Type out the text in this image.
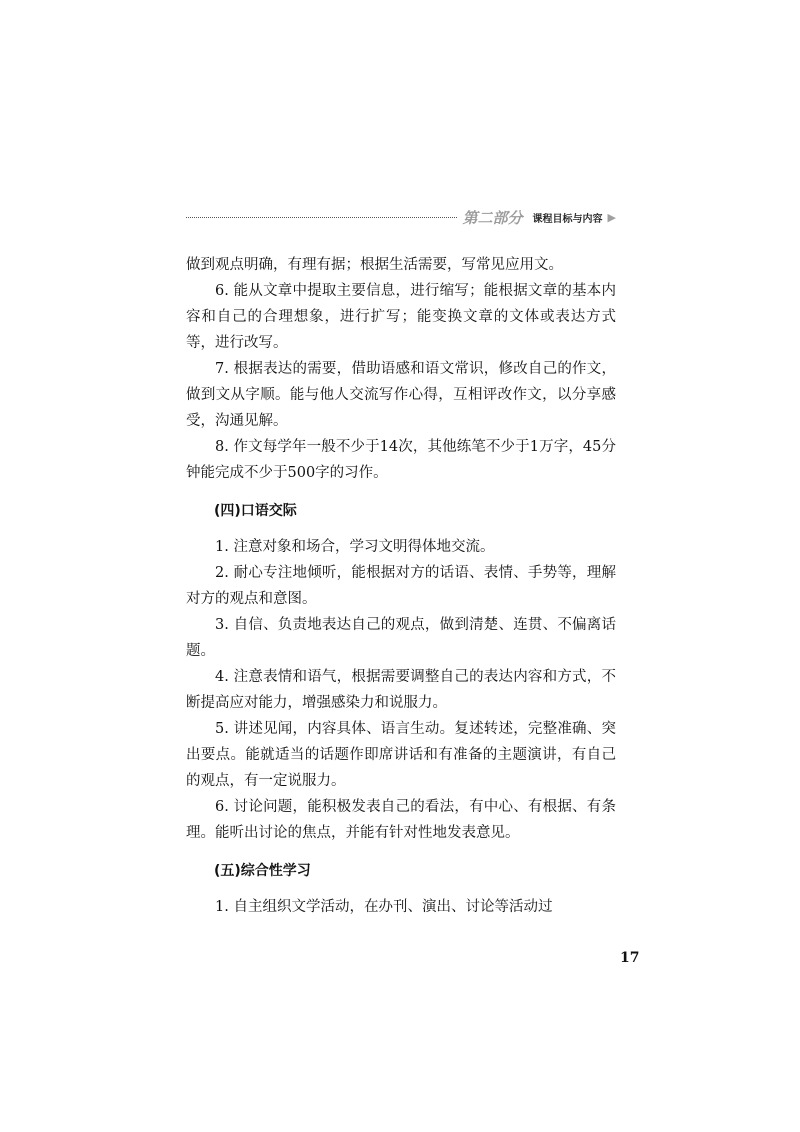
第二部分 课程目标与内容 ▶

做到观点明确，有理有据；根据生活需要，写常见应用文。

6. 能从文章中提取主要信息，进行缩写；能根据文章的基本内容和自己的合理想象，进行扩写；能变换文章的文体或表达方式等，进行改写。

7. 根据表达的需要，借助语感和语文常识，修改自己的作文，做到文从字顺。能与他人交流写作心得，互相评改作文，以分享感受，沟通见解。

8. 作文每学年一般不少于14次，其他练笔不少于1万字，45分钟能完成不少于500字的习作。

(四)口语交际

1. 注意对象和场合，学习文明得体地交流。

2. 耐心专注地倾听，能根据对方的话语、表情、手势等，理解对方的观点和意图。

3. 自信、负责地表达自己的观点，做到清楚、连贯、不偏离话题。

4. 注意表情和语气，根据需要调整自己的表达内容和方式，不断提高应对能力，增强感染力和说服力。

5. 讲述见闻，内容具体、语言生动。复述转述，完整准确、突出要点。能就适当的话题作即席讲话和有准备的主题演讲，有自己的观点，有一定说服力。

6. 讨论问题，能积极发表自己的看法，有中心、有根据、有条理。能听出讨论的焦点，并能有针对性地发表意见。

(五)综合性学习

1. 自主组织文学活动，在办刊、演出、讨论等活动过

17
